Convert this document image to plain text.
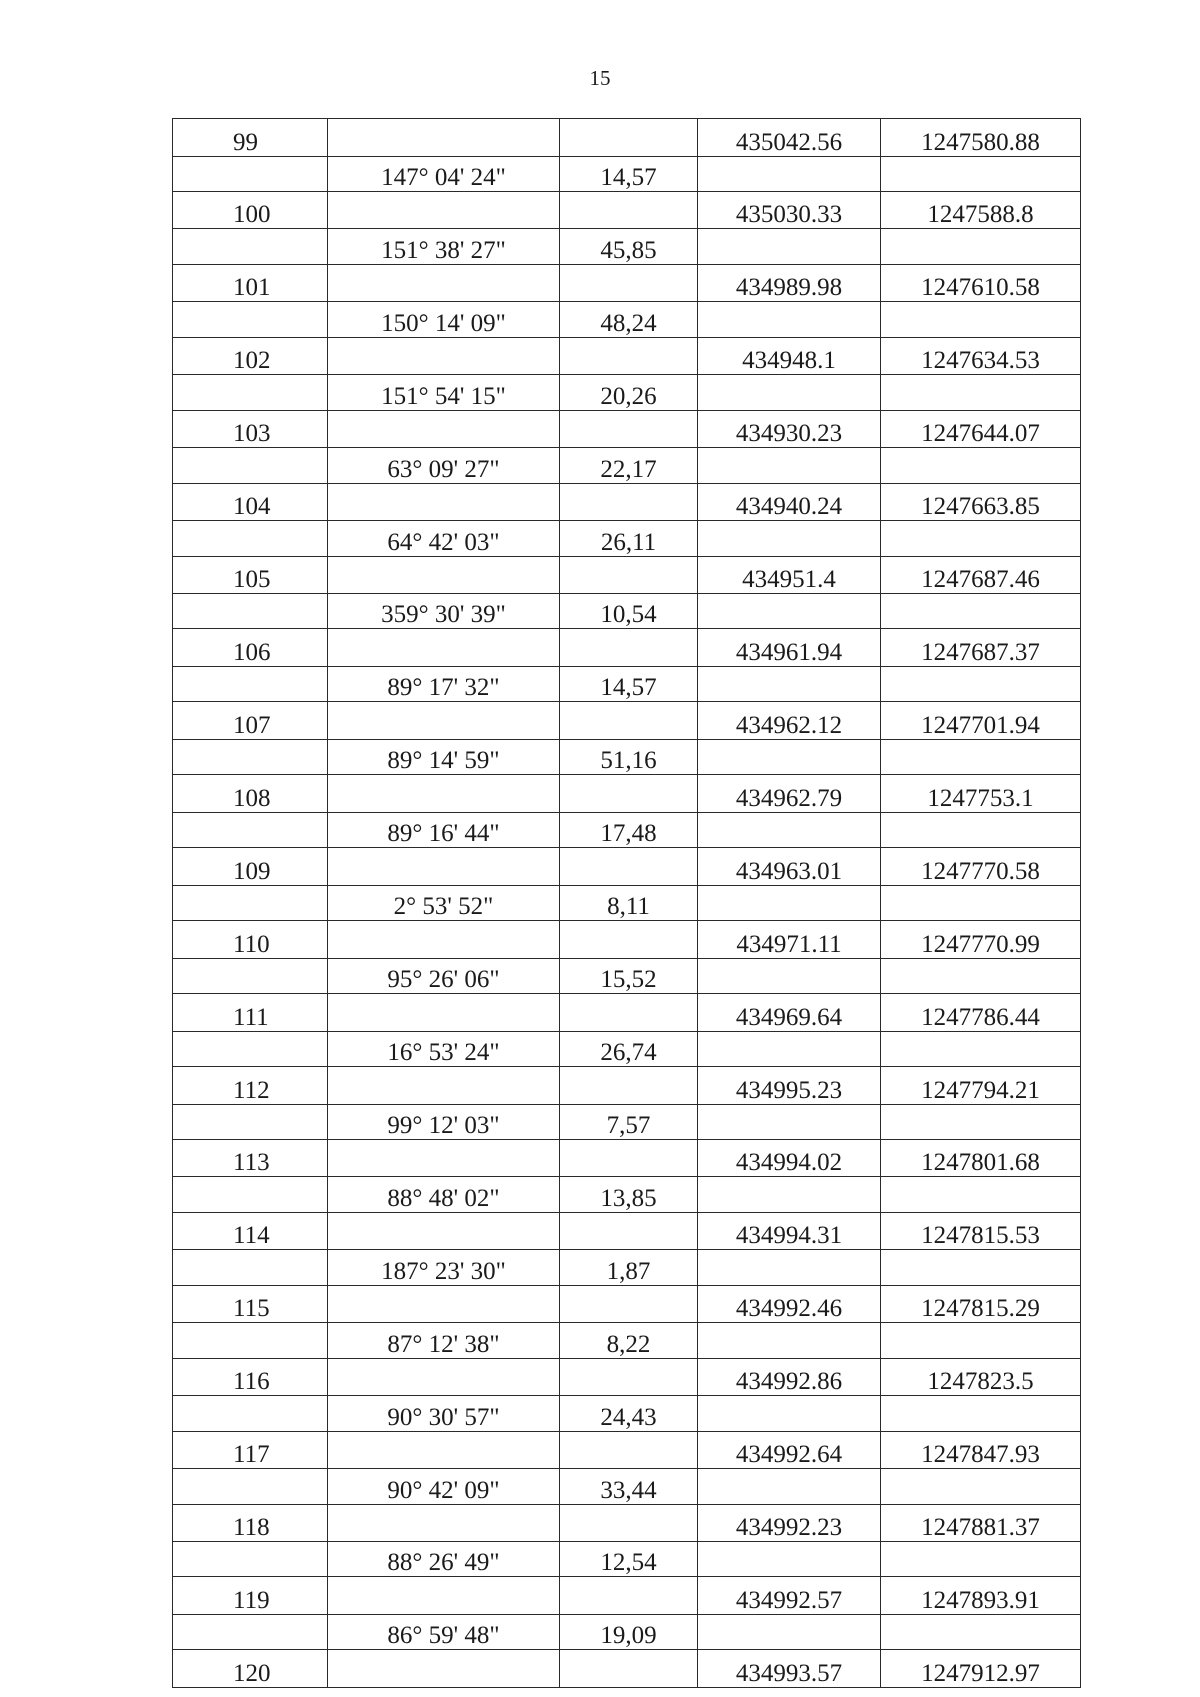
15
99			435042.56	1247580.88
	147° 04' 24"	14,57		
100			435030.33	1247588.8
	151° 38' 27"	45,85		
101			434989.98	1247610.58
	150° 14' 09"	48,24		
102			434948.1	1247634.53
	151° 54' 15"	20,26		
103			434930.23	1247644.07
	63° 09' 27"	22,17		
104			434940.24	1247663.85
	64° 42' 03"	26,11		
105			434951.4	1247687.46
	359° 30' 39"	10,54		
106			434961.94	1247687.37
	89° 17' 32"	14,57		
107			434962.12	1247701.94
	89° 14' 59"	51,16		
108			434962.79	1247753.1
	89° 16' 44"	17,48		
109			434963.01	1247770.58
	2° 53' 52"	8,11		
110			434971.11	1247770.99
	95° 26' 06"	15,52		
111			434969.64	1247786.44
	16° 53' 24"	26,74		
112			434995.23	1247794.21
	99° 12' 03"	7,57		
113			434994.02	1247801.68
	88° 48' 02"	13,85		
114			434994.31	1247815.53
	187° 23' 30"	1,87		
115			434992.46	1247815.29
	87° 12' 38"	8,22		
116			434992.86	1247823.5
	90° 30' 57"	24,43		
117			434992.64	1247847.93
	90° 42' 09"	33,44		
118			434992.23	1247881.37
	88° 26' 49"	12,54		
119			434992.57	1247893.91
	86° 59' 48"	19,09		
120			434993.57	1247912.97
